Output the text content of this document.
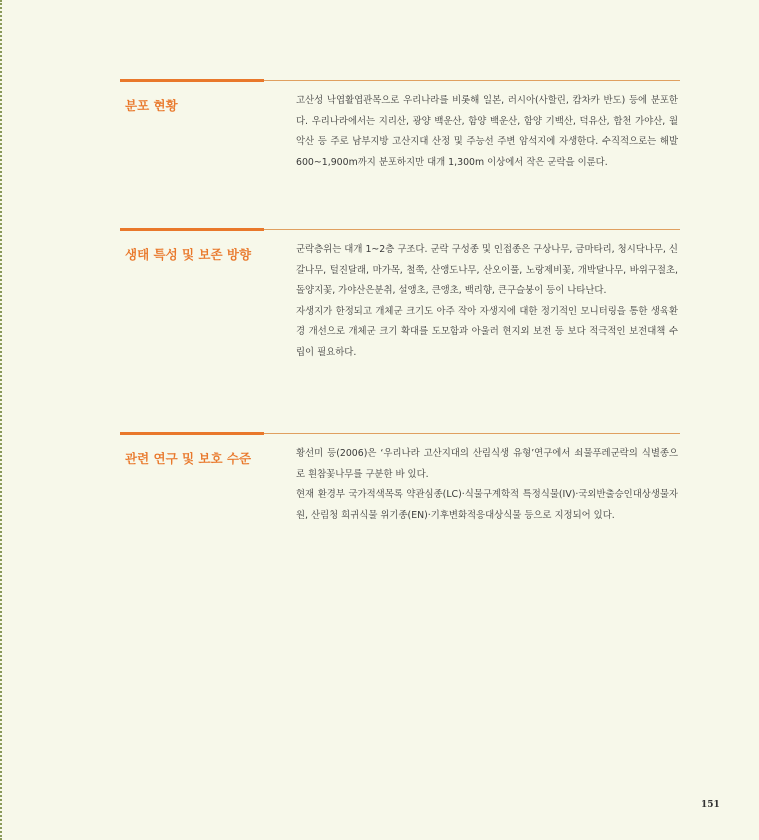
분포 현황	고산성 낙엽활엽관목으로 우리나라를 비롯해 일본, 러시아(사할린, 캄차카 반도) 등에 분포한다. 우리나라에서는 지리산, 광양 백운산, 함양 백운산, 함양 기백산, 덕유산, 합천 가야산, 월악산 등 주로 남부지방 고산지대 산정 및 주능선 주변 암석지에 자생한다. 수직적으로는 해발 600~1,900m까지 분포하지만 대개 1,300m 이상에서 작은 군락을 이룬다.

생태 특성 및 보존 방향	군락층위는 대개 1~2층 구조다. 군락 구성종 및 인접종은 구상나무, 금마타리, 청시닥나무, 신갈나무, 털진달래, 마가목, 철쭉, 산앵도나무, 산오이풀, 노랑제비꽃, 개박달나무, 바위구절초, 돌양지꽃, 가야산은분취, 설앵초, 큰앵초, 백리향, 큰구슬붕이 등이 나타난다.

자생지가 한정되고 개체군 크기도 아주 작아 자생지에 대한 정기적인 모니터링을 통한 생육환경 개선으로 개체군 크기 확대를 도모함과 아울러 현지외 보전 등 보다 적극적인 보전대책 수립이 필요하다.

관련 연구 및 보호 수준	황선미 등(2006)은 ‘우리나라 고산지대의 산림식생 유형’연구에서 쇠물푸레군락의 식별종으로 흰참꽃나무를 구분한 바 있다.

현재 환경부 국가적색목록 약관심종(LC)·식물구계학적 특정식물(IV)·국외반출승인대상생물자원, 산림청 희귀식물 위기종(EN)·기후변화적응대상식물 등으로 지정되어 있다.

151
